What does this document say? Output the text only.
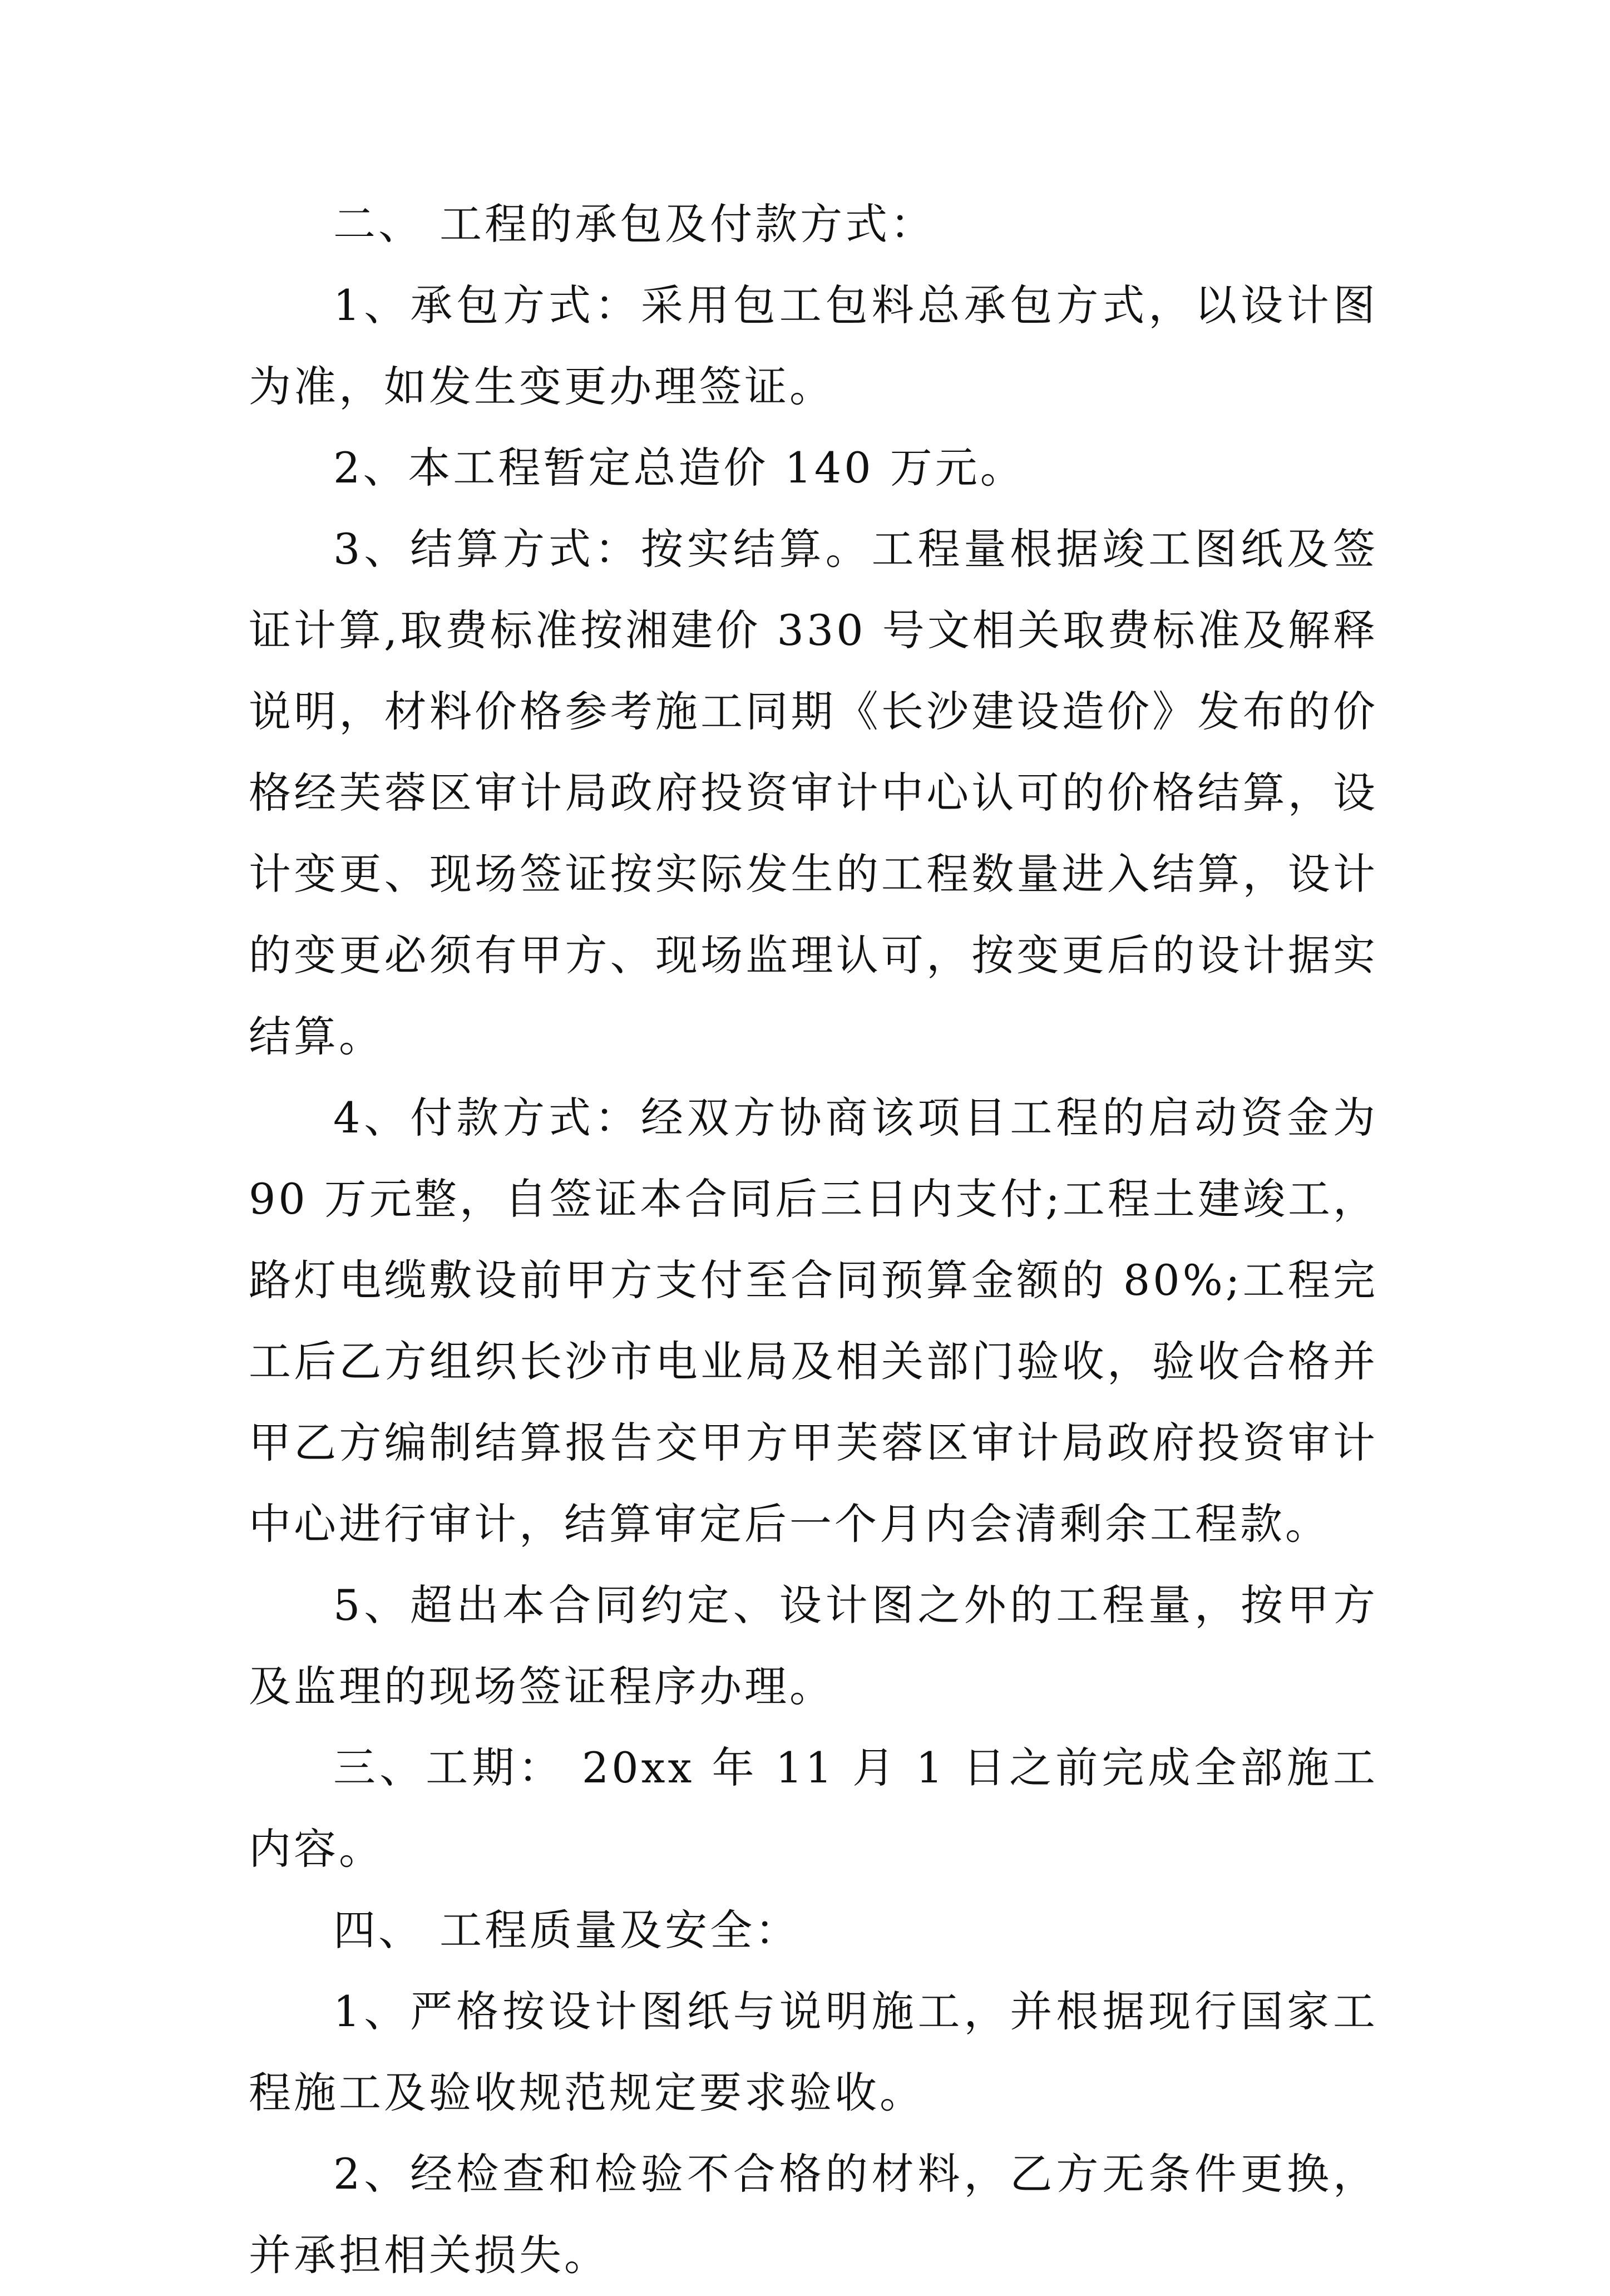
二、 工程的承包及付款方式：

1、承包方式：采用包工包料总承包方式，以设计图为准，如发生变更办理签证。

2、本工程暂定总造价 140 万元。

3、结算方式：按实结算。工程量根据竣工图纸及签证计算,取费标准按湘建价 330 号文相关取费标准及解释说明，材料价格参考施工同期《长沙建设造价》发布的价格经芙蓉区审计局政府投资审计中心认可的价格结算，设计变更、现场签证按实际发生的工程数量进入结算，设计的变更必须有甲方、现场监理认可，按变更后的设计据实结算。

4、付款方式：经双方协商该项目工程的启动资金为 90 万元整，自签证本合同后三日内支付;工程土建竣工，路灯电缆敷设前甲方支付至合同预算金额的 80%;工程完工后乙方组织长沙市电业局及相关部门验收，验收合格并甲乙方编制结算报告交甲方甲芙蓉区审计局政府投资审计中心进行审计，结算审定后一个月内会清剩余工程款。

5、超出本合同约定、设计图之外的工程量，按甲方及监理的现场签证程序办理。

三、工期： 20xx 年 11 月 1 日之前完成全部施工内容。

四、 工程质量及安全：

1、严格按设计图纸与说明施工，并根据现行国家工程施工及验收规范规定要求验收。

2、经检查和检验不合格的材料，乙方无条件更换，并承担相关损失。
